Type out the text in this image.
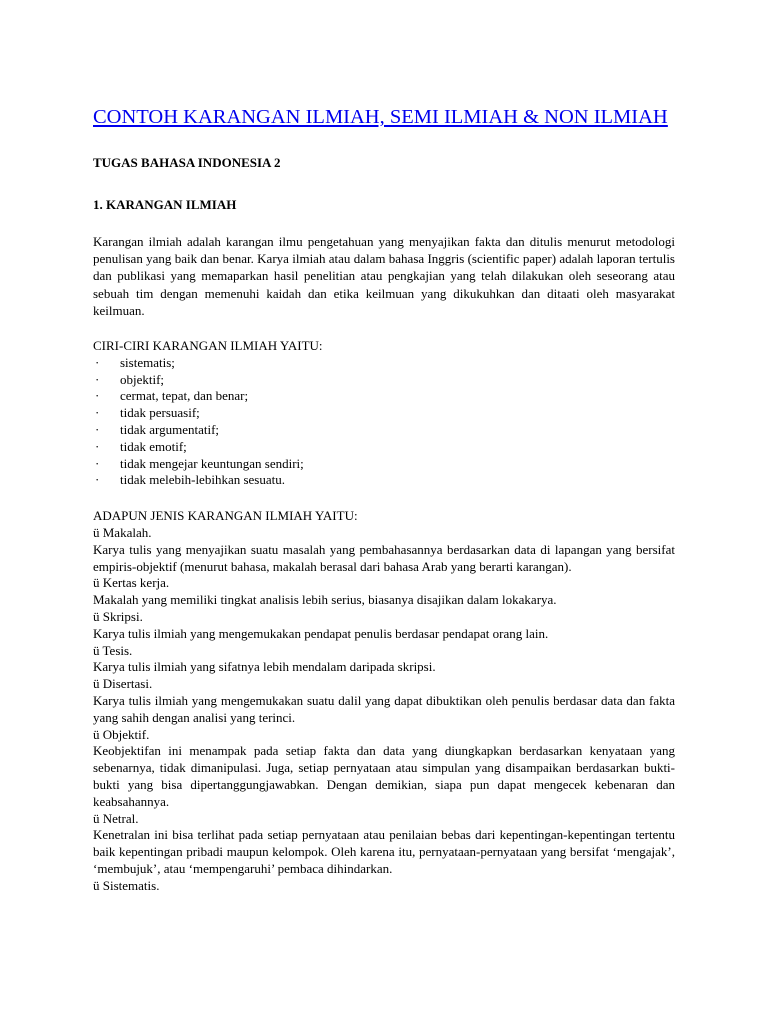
CONTOH KARANGAN ILMIAH, SEMI ILMIAH & NON ILMIAH

TUGAS BAHASA INDONESIA 2

1. KARANGAN ILMIAH

Karangan ilmiah adalah karangan ilmu pengetahuan yang menyajikan fakta dan ditulis menurut metodologi penulisan yang baik dan benar. Karya ilmiah atau dalam bahasa Inggris (scientific paper) adalah laporan tertulis dan publikasi yang memaparkan hasil penelitian atau pengkajian yang telah dilakukan oleh seseorang atau sebuah tim dengan memenuhi kaidah dan etika keilmuan yang dikukuhkan dan ditaati oleh masyarakat keilmuan.

CIRI-CIRI KARANGAN ILMIAH YAITU:

· sistematis;
· objektif;
· cermat, tepat, dan benar;
· tidak persuasif;
· tidak argumentatif;
· tidak emotif;
· tidak mengejar keuntungan sendiri;
· tidak melebih-lebihkan sesuatu.

ADAPUN JENIS KARANGAN ILMIAH YAITU:

ü Makalah.

Karya tulis yang menyajikan suatu masalah yang pembahasannya berdasarkan data di lapangan yang bersifat empiris-objektif (menurut bahasa, makalah berasal dari bahasa Arab yang berarti karangan).

ü Kertas kerja.

Makalah yang memiliki tingkat analisis lebih serius, biasanya disajikan dalam lokakarya.

ü Skripsi.

Karya tulis ilmiah yang mengemukakan pendapat penulis berdasar pendapat orang lain.

ü Tesis.

Karya tulis ilmiah yang sifatnya lebih mendalam daripada skripsi.

ü Disertasi.

Karya tulis ilmiah yang mengemukakan suatu dalil yang dapat dibuktikan oleh penulis berdasar data dan fakta yang sahih dengan analisi yang terinci.

ü Objektif.

Keobjektifan ini menampak pada setiap fakta dan data yang diungkapkan berdasarkan kenyataan yang sebenarnya, tidak dimanipulasi. Juga, setiap pernyataan atau simpulan yang disampaikan berdasarkan bukti-bukti yang bisa dipertanggungjawabkan. Dengan demikian, siapa pun dapat mengecek kebenaran dan keabsahannya.

ü Netral.

Kenetralan ini bisa terlihat pada setiap pernyataan atau penilaian bebas dari kepentingan-kepentingan tertentu baik kepentingan pribadi maupun kelompok. Oleh karena itu, pernyataan-pernyataan yang bersifat ‘mengajak’, ‘membujuk’, atau ‘mempengaruhi’ pembaca dihindarkan.

ü Sistematis.
